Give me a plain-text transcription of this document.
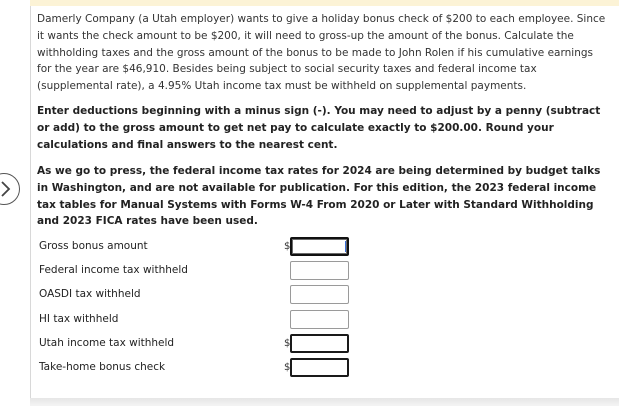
Damerly Company (a Utah employer) wants to give a holiday bonus check of $200 to each employee. Since it wants the check amount to be $200, it will need to gross-up the amount of the bonus. Calculate the withholding taxes and the gross amount of the bonus to be made to John Rolen if his cumulative earnings for the year are $46,910. Besides being subject to social security taxes and federal income tax (supplemental rate), a 4.95% Utah income tax must be withheld on supplemental payments.

Enter deductions beginning with a minus sign (-). You may need to adjust by a penny (subtract or add) to the gross amount to get net pay to calculate exactly to $200.00. Round your calculations and final answers to the nearest cent.

As we go to press, the federal income tax rates for 2024 are being determined by budget talks in Washington, and are not available for publication. For this edition, the 2023 federal income tax tables for Manual Systems with Forms W-4 From 2020 or Later with Standard Withholding and 2023 FICA rates have been used.

Gross bonus amount	$
Federal income tax withheld
OASDI tax withheld
HI tax withheld
Utah income tax withheld	$
Take-home bonus check	$
